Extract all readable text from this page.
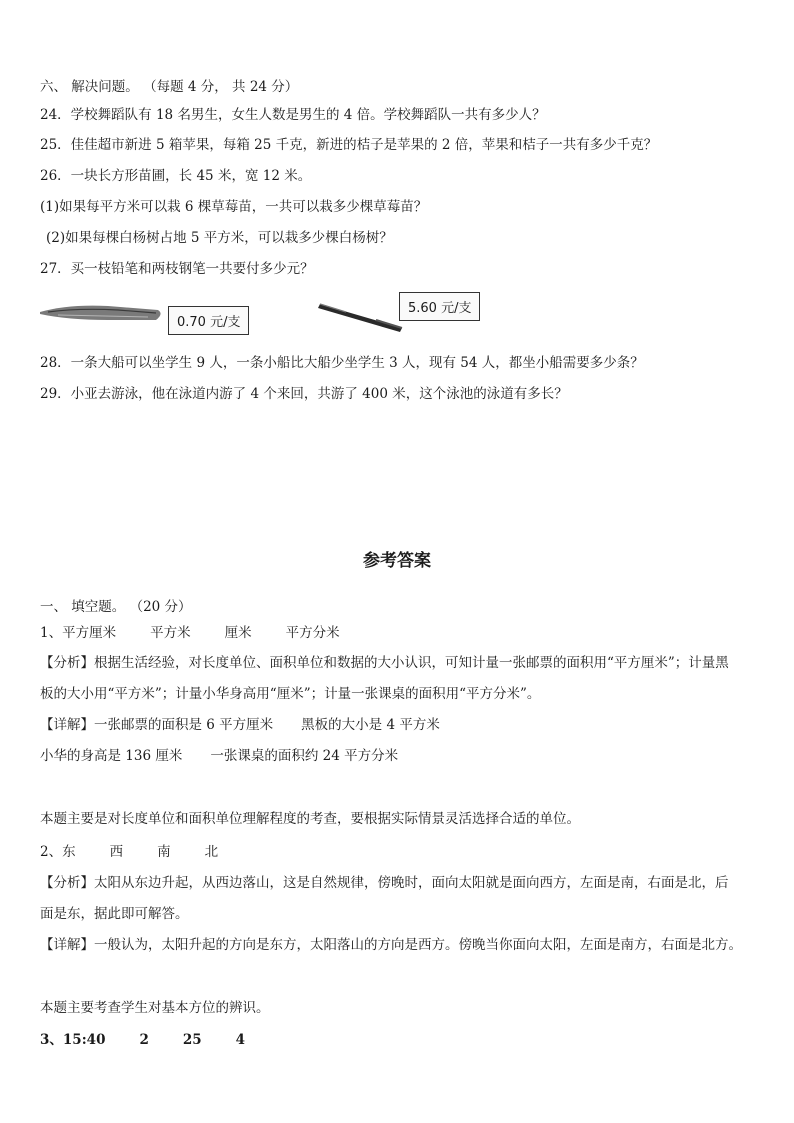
六、 解决问题。 （每题 4 分， 共 24 分）
24．学校舞蹈队有 18 名男生，女生人数是男生的 4 倍。学校舞蹈队一共有多少人？
25．佳佳超市新进 5 箱苹果，每箱 25 千克，新进的桔子是苹果的 2 倍，苹果和桔子一共有多少千克？
26．一块长方形苗圃，长 45 米，宽 12 米。
(1)如果每平方米可以栽 6 棵草莓苗，一共可以栽多少棵草莓苗？
(2)如果每棵白杨树占地 5 平方米，可以栽多少棵白杨树？
27．买一枝铅笔和两枝钢笔一共要付多少元？
0.70 元/支
5.60 元/支
28．一条大船可以坐学生 9 人，一条小船比大船少坐学生 3 人，现有 54 人，都坐小船需要多少条？
29．小亚去游泳，他在泳道内游了 4 个来回，共游了 400 米，这个泳池的泳道有多长？
参考答案
一、 填空题。 （20 分）
1、平方厘米	平方米	厘米	平方分米
【分析】根据生活经验，对长度单位、面积单位和数据的大小认识，可知计量一张邮票的面积用“平方厘米”；计量黑
板的大小用“平方米”；计量小华身高用“厘米”；计量一张课桌的面积用“平方分米”。
【详解】一张邮票的面积是 6 平方厘米 黑板的大小是 4 平方米
小华的身高是 136 厘米 一张课桌的面积约 24 平方分米
本题主要是对长度单位和面积单位理解程度的考查，要根据实际情景灵活选择合适的单位。
2、东	西	南	北
【分析】太阳从东边升起，从西边落山，这是自然规律，傍晚时，面向太阳就是面向西方，左面是南，右面是北，后
面是东，据此即可解答。
【详解】一般认为，太阳升起的方向是东方，太阳落山的方向是西方。傍晚当你面向太阳，左面是南方，右面是北方。
本题主要考查学生对基本方位的辨识。
3、15:40	2	25	4
